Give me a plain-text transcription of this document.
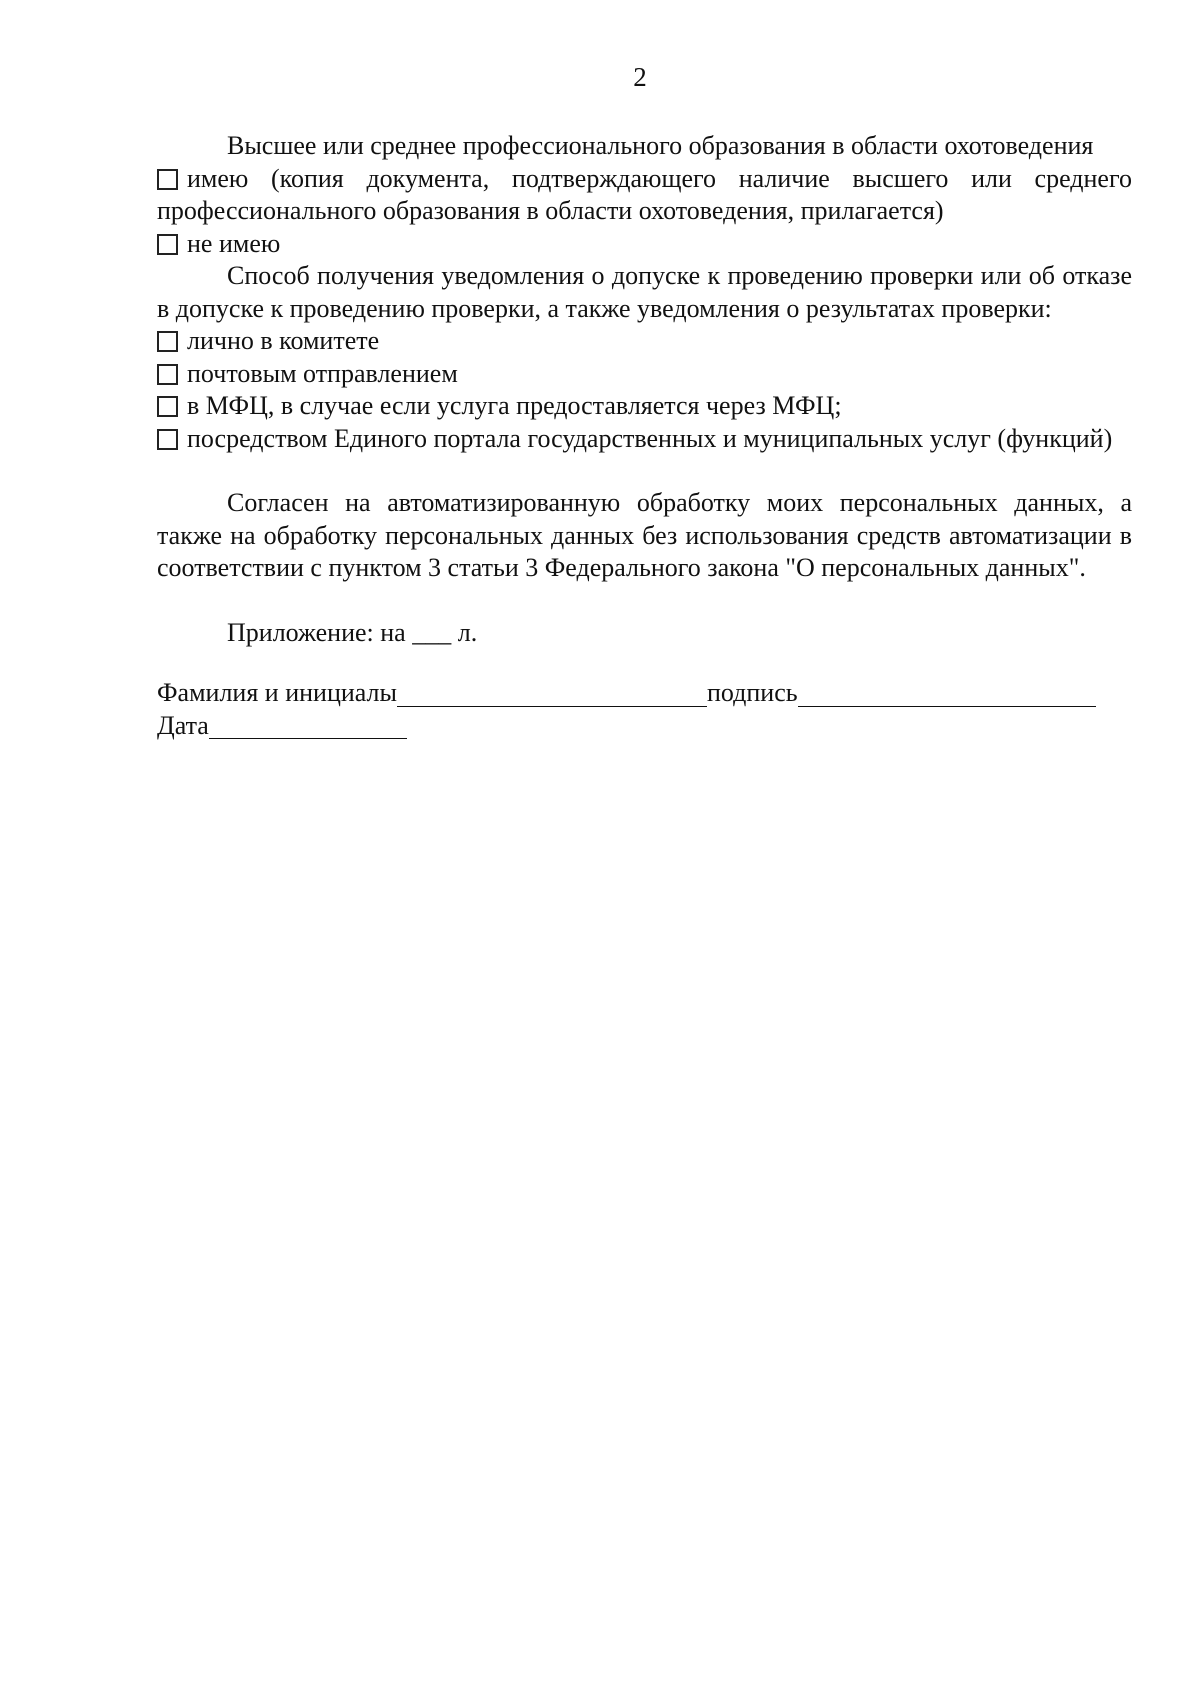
2

Высшее или среднее профессионального образования в области охотоведения

имею (копия документа, подтверждающего наличие высшего или среднего профессионального образования в области охотоведения, прилагается)

не имею

Способ получения уведомления о допуске к проведению проверки или об отказе в допуске к проведению проверки, а также уведомления о результатах проверки:

лично в комитете

почтовым отправлением

в МФЦ, в случае если услуга предоставляется через МФЦ;

посредством Единого портала государственных и муниципальных услуг (функций)

Согласен на автоматизированную обработку моих персональных данных, а также на обработку персональных данных без использования средств автоматизации в соответствии с пунктом 3 статьи 3 Федерального закона "О персональных данных".

Приложение: на ___ л.

Фамилия и инициалы	подпись
Дата
